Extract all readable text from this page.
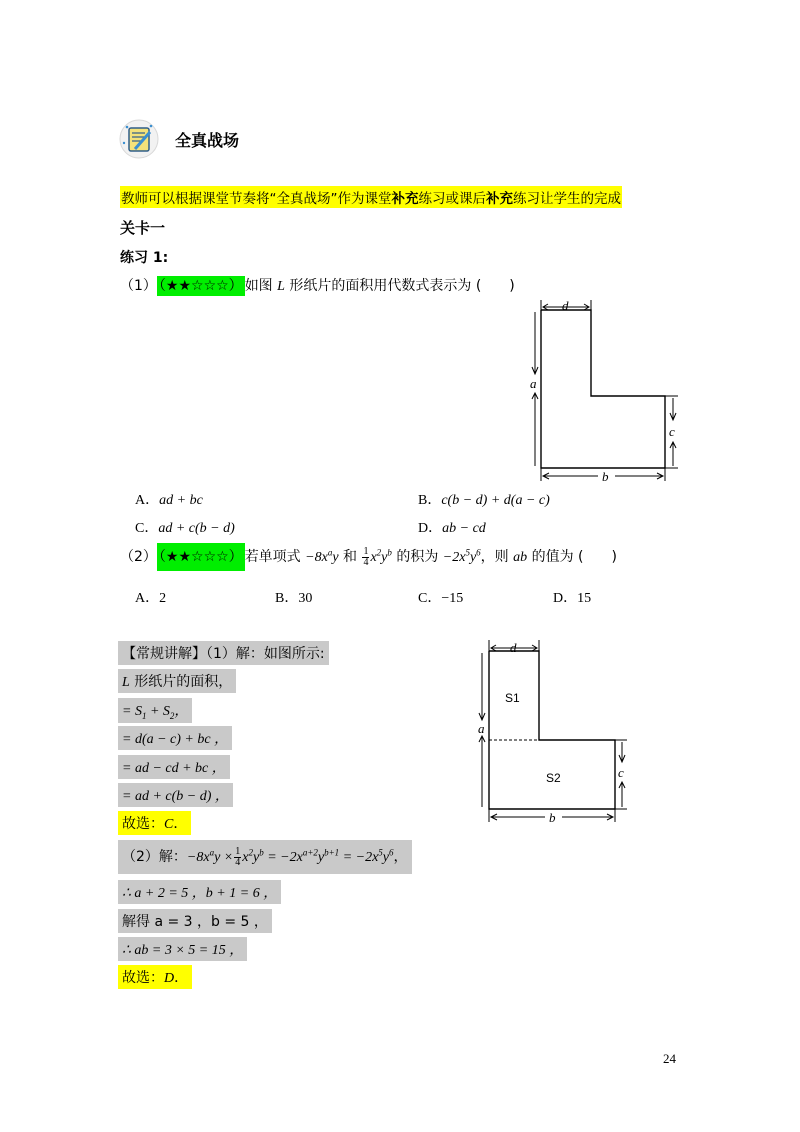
全真战场
教师可以根据课堂节奏将“全真战场”作为课堂补充练习或课后补充练习让学生的完成
关卡一
练习 1:
（1） （★★☆☆☆） 如图 L 形纸片的面积用代数式表示为 (　　)
d
a
c
b
A．ad + bc	B．c(b − d) + d(a − c)
C．ad + c(b − d)	D．ab − cd
（2） （★★☆☆☆） 若单项式 $-8x^ay$ 和 $\frac{1}{4} x^2y^b$ 的积为 $-2x^5y^6$，则 ab 的值为 (　　)
A．2	B．30	C．−15	D．15
【常规讲解】（1）解：如图所示:
L 形纸片的面积，
= $S_1 + S_2$，
= d(a − c) + bc ，
= ad − cd + bc ，
= ad + c(b − d) ，
故选：C．
（2）解：$-8x^ay \times \frac{1}{4} x^2y^b = -2x^{a+2}y^{b+1} = -2x^5y^6$，
∴ a + 2 = 5 ，b + 1 = 6 ，
解得 a = 3 ，b = 5 ，
∴ ab = 3 × 5 = 15 ，
故选：D．
d
a
c
b
S1
S2
24
